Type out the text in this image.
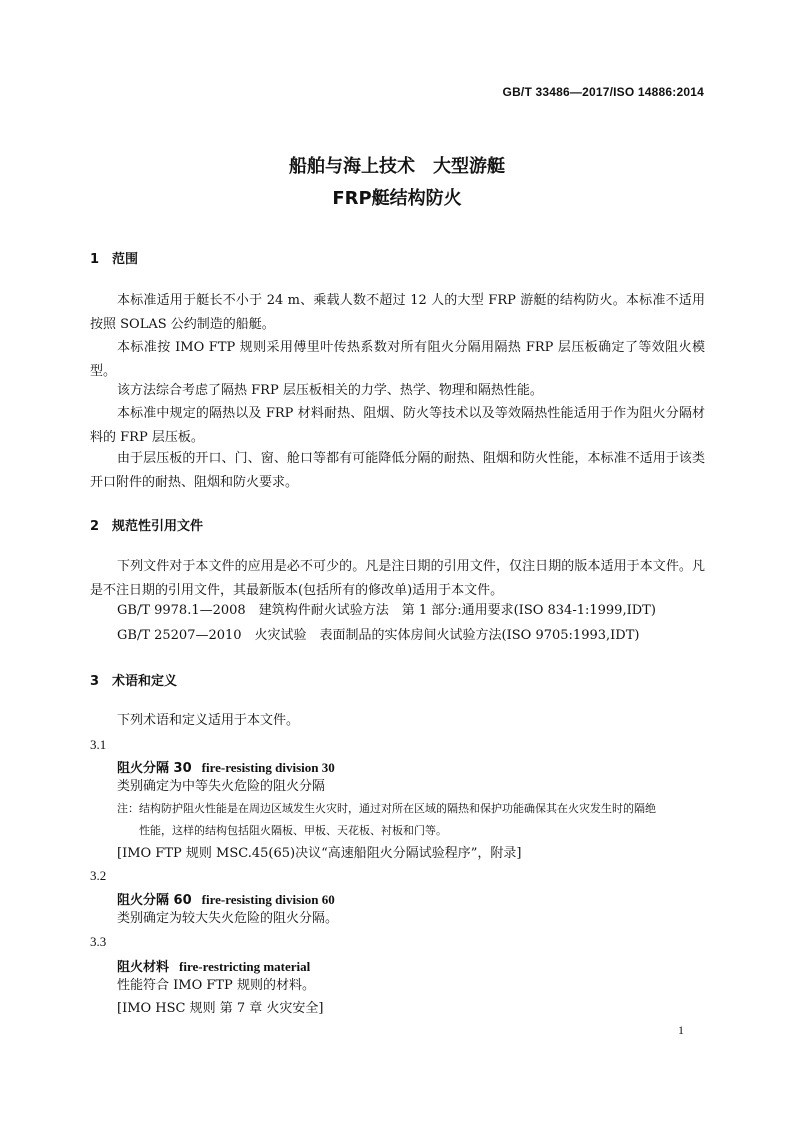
GB/T 33486—2017/ISO 14886:2014
船舶与海上技术　大型游艇
FRP艇结构防火
1 范围
本标准适用于艇长不小于 24 m、乘载人数不超过 12 人的大型 FRP 游艇的结构防火。本标准不适用按照 SOLAS 公约制造的船艇。
本标准按 IMO FTP 规则采用傅里叶传热系数对所有阻火分隔用隔热 FRP 层压板确定了等效阻火模型。
该方法综合考虑了隔热 FRP 层压板相关的力学、热学、物理和隔热性能。
本标准中规定的隔热以及 FRP 材料耐热、阻烟、防火等技术以及等效隔热性能适用于作为阻火分隔材料的 FRP 层压板。
由于层压板的开口、门、窗、舱口等都有可能降低分隔的耐热、阻烟和防火性能，本标准不适用于该类开口附件的耐热、阻烟和防火要求。
2 规范性引用文件
下列文件对于本文件的应用是必不可少的。凡是注日期的引用文件，仅注日期的版本适用于本文件。凡是不注日期的引用文件，其最新版本(包括所有的修改单)适用于本文件。
GB/T 9978.1—2008　建筑构件耐火试验方法　第 1 部分:通用要求(ISO 834-1:1999,IDT)
GB/T 25207—2010　火灾试验　表面制品的实体房间火试验方法(ISO 9705:1993,IDT)
3 术语和定义
下列术语和定义适用于本文件。
3.1
阻火分隔 30 fire-resisting division 30
类别确定为中等失火危险的阻火分隔
注：结构防护阻火性能是在周边区域发生火灾时，通过对所在区域的隔热和保护功能确保其在火灾发生时的隔绝
性能，这样的结构包括阻火隔板、甲板、天花板、衬板和门等。
[IMO FTP 规则 MSC.45(65)决议“高速船阻火分隔试验程序”，附录]
3.2
阻火分隔 60 fire-resisting division 60
类别确定为较大失火危险的阻火分隔。
3.3
阻火材料 fire-restricting material
性能符合 IMO FTP 规则的材料。
[IMO HSC 规则 第 7 章 火灾安全]
1
